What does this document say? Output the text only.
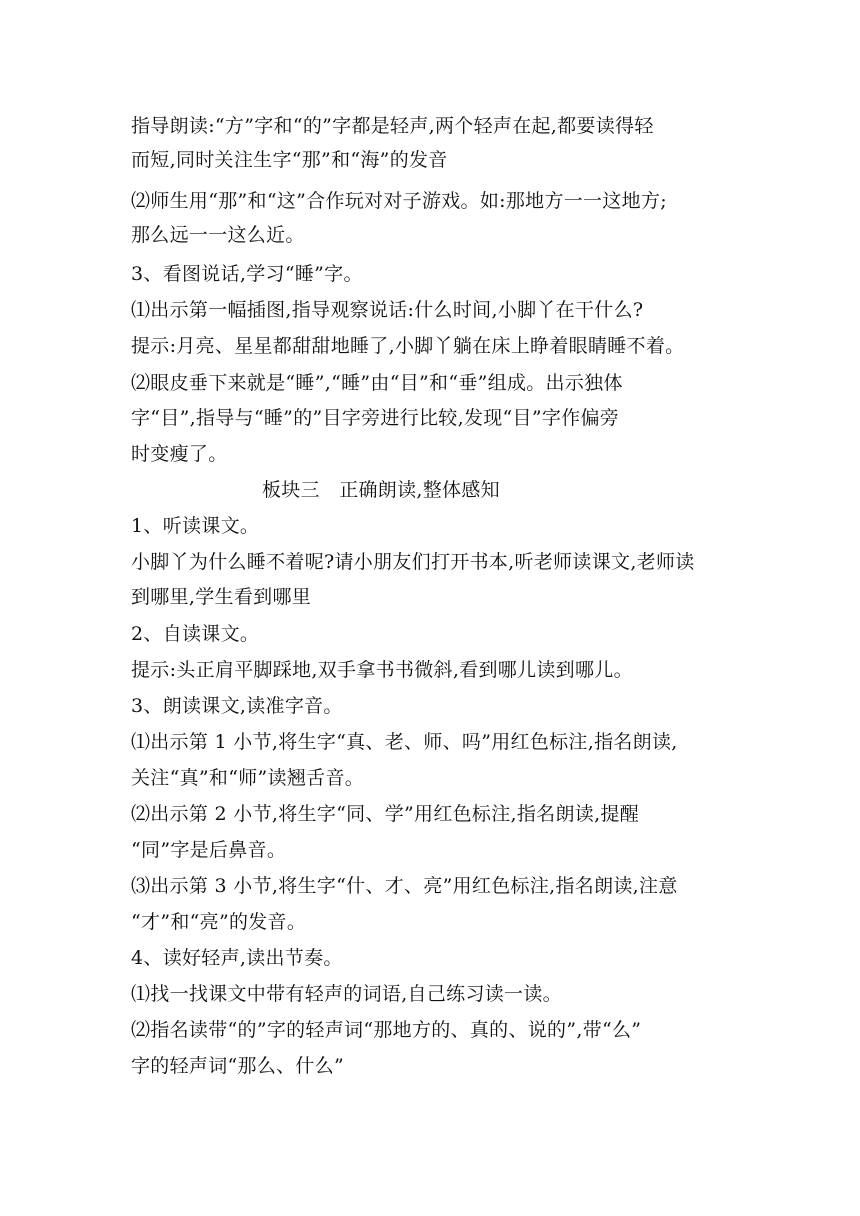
指导朗读:“方”字和“的”字都是轻声,两个轻声在起,都要读得轻
而短,同时关注生字“那”和“海”的发音
⑵师生用“那”和“这”合作玩对对子游戏。如:那地方一一这地方;
那么远一一这么近。
3、看图说话,学习“睡”字。
⑴出示第一幅插图,指导观察说话:什么时间,小脚丫在干什么?
提示:月亮、星星都甜甜地睡了,小脚丫躺在床上睁着眼睛睡不着。
⑵眼皮垂下来就是“睡”,“睡”由“目”和“垂”组成。出示独体
字“目”,指导与“睡”的”目字旁进行比较,发现“目”字作偏旁
时变瘦了。
板块三　正确朗读,整体感知
1、听读课文。
小脚丫为什么睡不着呢?请小朋友们打开书本,听老师读课文,老师读
到哪里,学生看到哪里
2、自读课文。
提示:头正肩平脚踩地,双手拿书书微斜,看到哪儿读到哪儿。
3、朗读课文,读准字音。
⑴出示第 1 小节,将生字“真、老、师、吗”用红色标注,指名朗读,
关注“真”和“师”读翘舌音。
⑵出示第 2 小节,将生字“同、学”用红色标注,指名朗读,提醒
“同”字是后鼻音。
⑶出示第 3 小节,将生字“什、才、亮”用红色标注,指名朗读,注意
“才”和“亮”的发音。
4、读好轻声,读出节奏。
⑴找一找课文中带有轻声的词语,自己练习读一读。
⑵指名读带“的”字的轻声词“那地方的、真的、说的”,带“么”
字的轻声词“那么、什么”
